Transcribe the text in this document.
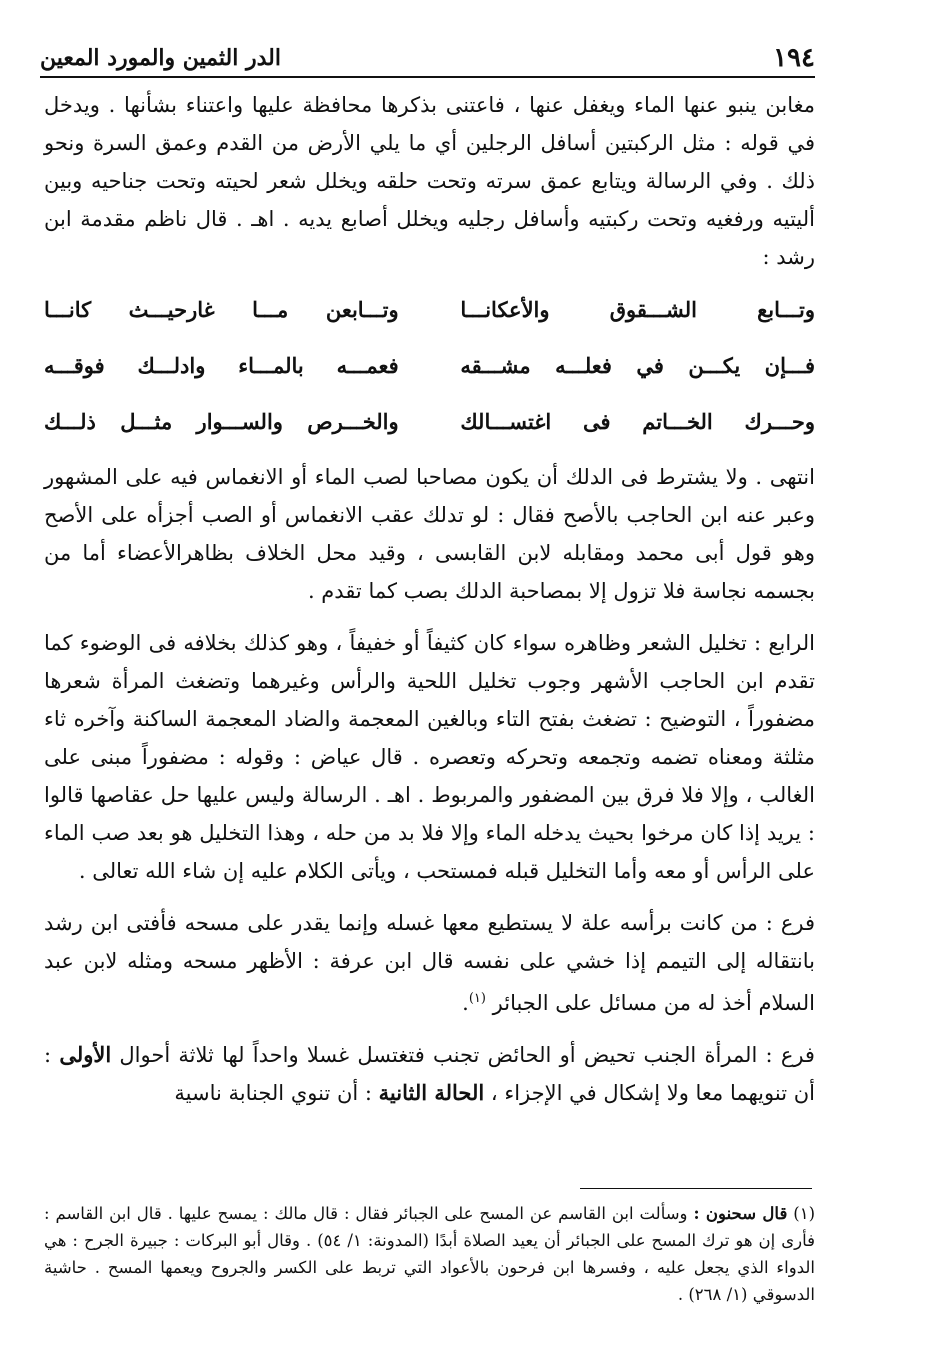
١٩٤
الدر الثمين والمورد المعين

مغابن ينبو عنها الماء ويغفل عنها ، فاعتنى بذكرها محافظة عليها واعتناء بشأنها . ويدخل في قوله : مثل الركبتين أسافل الرجلين أي ما يلي الأرض من القدم وعمق السرة ونحو ذلك . وفي الرسالة ويتابع عمق سرته وتحت حلقه ويخلل شعر لحيته وتحت جناحيه وبين أليتيه ورفغيه وتحت ركبتيه وأسافل رجليه ويخلل أصابع يديه . اهـ . قال ناظم مقدمة ابن رشد :

وتـــابع الشـــقوق والأعكانـــا
وتـــابعن مـــا غارحيـــث كانـــا
فـــإن يكـــن في فعلـــه مشـــقه
فعمـــه بالمـــاء وادلـــك فوقـــه
وحـــرك الخـــاتم فى اغتســـالك
والخـــرص والســـوار مثـــل ذلـــك

انتهى . ولا يشترط فى الدلك أن يكون مصاحبا لصب الماء أو الانغماس فيه على المشهور وعبر عنه ابن الحاجب بالأصح فقال : لو تدلك عقب الانغماس أو الصب أجزأه على الأصح وهو قول أبى محمد ومقابله لابن القابسى ، وقيد محل الخلاف بظاهرالأعضاء أما من بجسمه نجاسة فلا تزول إلا بمصاحبة الدلك بصب كما تقدم .

الرابع : تخليل الشعر وظاهره سواء كان كثيفاً أو خفيفاً ، وهو كذلك بخلافه فى الوضوء كما تقدم ابن الحاجب الأشهر وجوب تخليل اللحية والرأس وغيرهما وتضغث المرأة شعرها مضفوراً ، التوضيح : تضغث بفتح التاء وبالغين المعجمة والضاد المعجمة الساكنة وآخره ثاء مثلثة ومعناه تضمه وتجمعه وتحركه وتعصره . قال عياض : وقوله : مضفوراً مبنى على الغالب ، وإلا فلا فرق بين المضفور والمربوط . اهـ . الرسالة وليس عليها حل عقاصها قالوا : يريد إذا كان مرخوا بحيث يدخله الماء وإلا فلا بد من حله ، وهذا التخليل هو بعد صب الماء على الرأس أو معه وأما التخليل قبله فمستحب ، ويأتى الكلام عليه إن شاء الله تعالى .

فرع : من كانت برأسه علة لا يستطيع معها غسله وإنما يقدر على مسحه فأفتى ابن رشد بانتقاله إلى التيمم إذا خشي على نفسه قال ابن عرفة : الأظهر مسحه ومثله لابن عبد السلام أخذ له من مسائل على الجبائر $^{(١)}$.

فرع : المرأة الجنب تحيض أو الحائض تجنب فتغتسل غسلا واحداً لها ثلاثة أحوال الأولى : أن تنويهما معا ولا إشكال في الإجزاء ، الحالة الثانية : أن تنوي الجنابة ناسية

(١) قال سحنون : وسألت ابن القاسم عن المسح على الجبائر فقال : قال مالك : يمسح عليها . قال ابن القاسم : فأرى إن هو ترك المسح على الجبائر أن يعيد الصلاة أبدًا (المدونة: ١/ ٥٤) . وقال أبو البركات : جبيرة الجرح : هي الدواء الذي يجعل عليه ، وفسرها ابن فرحون بالأعواد التي تربط على الكسر والجروح ويعمها المسح . حاشية الدسوقي (١/ ٢٦٨) .
